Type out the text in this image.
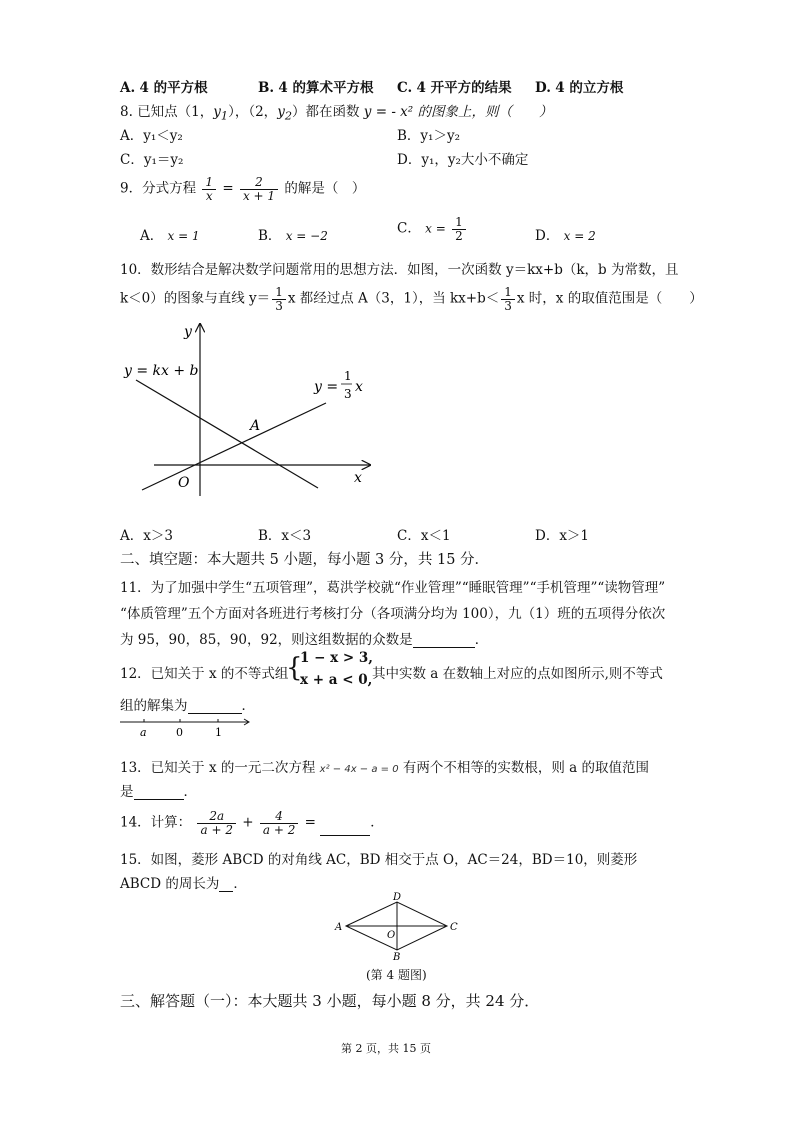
A. 4 的平方根	B. 4 的算术平方根 C. 4 开平方的结果 D. 4 的立方根
8. 已知点（1，$y_1$），（2，$y_2$）都在函数 y = - x² 的图象上，则（　　）
A．y₁＜y₂	B．y₁＞y₂
C．y₁＝y₂	D．y₁，y₂大小不确定
9．分式方程 $\frac{1}{x} = \frac{2}{x + 1}$ 的解是（　）
A． x = 1	B． x = −2	C． $x = \frac{1}{2}$	D． x = 2
10．数形结合是解决数学问题常用的思想方法．如图，一次函数 y＝kx+b（k，b 为常数，且
k＜0）的图象与直线 $y= \frac{1}{3}$ x 都经过点 A（3，1），当 $kx+b< \frac{1}{3}$ x 时，x 的取值范围是（　　）
y
x
O
A
y = kx + b
y =
1
3 x
A．x＞3	B．x＜3	C．x＜1	D．x＞1
二、填空题：本大题共 5 小题，每小题 3 分，共 15 分．
11．为了加强中学生“五项管理”，葛洪学校就“作业管理”“睡眠管理”“手机管理”“读物管理”
“体质管理”五个方面对各班进行考核打分（各项满分均为 100），九（1）班的五项得分依次
为 95，90，85，90，92，则这组数据的众数是	．
12．已知关于 x 的不等式组
{
1 − x > 3,
x + a < 0, 其中实数 a 在数轴上对应的点如图所示,则不等式
组的解集为	．
a	0	1
13．已知关于 x 的一元二次方程 x² − 4x − a = 0 有两个不相等的实数根，则 a 的取值范围
是	．
14．计算： $\frac{2a}{a + 2} + \frac{4}{a + 2}$ =	．
15．如图，菱形 ABCD 的对角线 AC，BD 相交于点 O，AC＝24，BD＝10，则菱形
ABCD 的周长为 ．
A
D
C
B
O
(第 4 题图)
三、解答题（一）：本大题共 3 小题，每小题 8 分，共 24 分．
第 2 页，共 15 页
